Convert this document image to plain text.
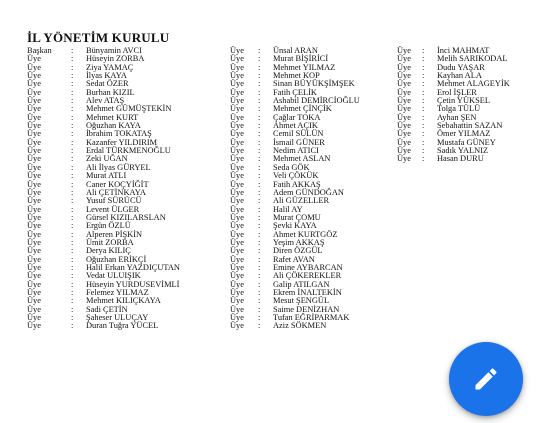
İL YÖNETİM KURULU
Başkan : Bünyamin AVCI
Üye	: Hüseyin ZORBA
Üye	: Ziya YAMAÇ
Üye	: İlyas KAYA
Üye	: Sedat ÖZER
Üye	: Burhan KIZIL
Üye	: Alev ATAŞ
Üye	: Mehmet GÜMÜŞTEKİN
Üye	: Mehmet KURT
Üye	: Oğuzhan KAYA
Üye	: İbrahim TOKATAŞ
Üye	: Kazanfer YILDIRIM
Üye	: Erdal TÜRKMENOĞLU
Üye	: Zeki UĞAN
Üye	: Ali İlyas GÜRYEL
Üye	: Murat ATLI
Üye	: Caner KOÇYİĞİT
Üye	: Ali ÇETİNKAYA
Üye	: Yusuf SÜRÜCÜ
Üye	: Levent ÜLGER
Üye	: Gürsel KIZILARSLAN
Üye	: Ergün ÖZLÜ
Üye	: Alperen PİŞKİN
Üye	: Ümit ZORBA
Üye	: Derya KILIÇ
Üye	: Oğuzhan ERİKÇİ
Üye	: Halil Erkan YAZDIÇUTAN
Üye	: Vedat ULUIŞIK
Üye	: Hüseyin YURDUSEVİMLİ
Üye	: Felemez YILMAZ
Üye	: Mehmet KILIÇKAYA
Üye	: Sadi ÇETİN
Üye	: Şaheser ULUÇAY
Üye	: Duran Tuğra YÜCEL
Üye : Ünsal ARAN
Üye : Murat BİŞİRİCİ
Üye : Mehmet YILMAZ
Üye : Mehmet KOP
Üye : Sinan BÜYÜKŞİMŞEK
Üye : Fatih ÇELİK
Üye : Ashabil DEMİRCİOĞLU
Üye : Mehmet ÇİNÇİK
Üye : Çağlar TOKA
Üye : Ahmet AÇIK
Üye : Cemil SÜLÜN
Üye : İsmail GÜNER
Üye : Nedim ATICI
Üye : Mehmet ASLAN
Üye : Seda GÖK
Üye : Veli ÇÖKÜK
Üye : Fatih AKKAŞ
Üye : Adem GÜNDOĞAN
Üye : Ali GÜZELLER
Üye : Halil AY
Üye : Murat ÇOMU
Üye : Şevki KAYA
Üye : Ahmet KURTGÖZ
Üye : Yeşim AKKAŞ
Üye : Diren ÖZGÜL
Üye : Rafet AVAN
Üye : Emine AYBARCAN
Üye : Ali ÇÖKEREKLER
Üye : Galip ATILGAN
Üye : Ekrem İNALTEKİN
Üye : Mesut ŞENGÜL
Üye : Saime DENİZHAN
Üye : Tufan EĞRİPARMAK
Üye : Aziz SÖKMEN
Üye : İnci MAHMAT
Üye : Melih SARIKODAL
Üye : Dudu YAŞAR
Üye : Kayhan ALA
Üye : Mehmet ALAGEYİK
Üye : Erol İŞLER
Üye : Çetin YÜKSEL
Üye : Tolga TÜLÜ
Üye : Ayhan ŞEN
Üye : Sebahattin SAZAN
Üye : Ömer YILMAZ
Üye : Mustafa GÜNEY
Üye : Sadık YALNIZ
Üye : Hasan DURU
